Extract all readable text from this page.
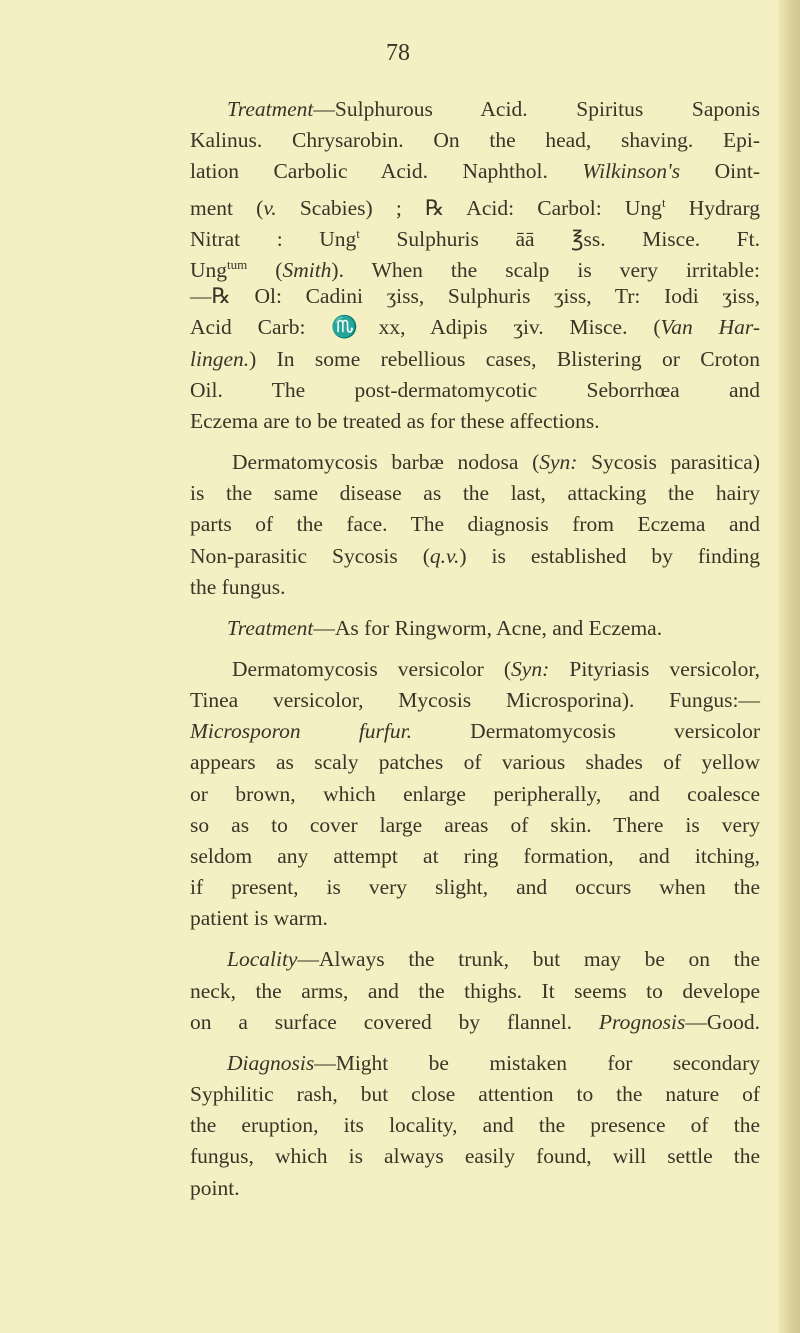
78
Treatment—Sulphurous Acid. Spiritus Saponis
Kalinus. Chrysarobin. On the head, shaving. Epi-
lation Carbolic Acid. Naphthol. Wilkinson's Oint-
ment (v. Scabies) ; ℞ Acid: Carbol: Ung$^t$ Hydrarg
Nitrat : Ung$^t$ Sulphuris āā ℥ss. Misce. Ft.
Ung$^{tum}$ (Smith). When the scalp is very irritable:
—℞ Ol: Cadini ʒiss, Sulphuris ʒiss, Tr: Iodi ʒiss,
Acid Carb: ♏xx, Adipis ʒiv. Misce. (Van Har-
lingen.) In some rebellious cases, Blistering or Croton
Oil. The post-dermatomycotic Seborrhœa and
Eczema are to be treated as for these affections.
Dermatomycosis barbæ nodosa (Syn: Sycosis parasitica)
is the same disease as the last, attacking the hairy
parts of the face. The diagnosis from Eczema and
Non-parasitic Sycosis (q.v.) is established by finding
the fungus.
Treatment—As for Ringworm, Acne, and Eczema.
Dermatomycosis versicolor (Syn: Pityriasis versicolor,
Tinea versicolor, Mycosis Microsporina). Fungus:—
Microsporon furfur. Dermatomycosis versicolor
appears as scaly patches of various shades of yellow
or brown, which enlarge peripherally, and coalesce
so as to cover large areas of skin. There is very
seldom any attempt at ring formation, and itching,
if present, is very slight, and occurs when the
patient is warm.
Locality—Always the trunk, but may be on the
neck, the arms, and the thighs. It seems to develope
on a surface covered by flannel. Prognosis—Good.
Diagnosis—Might be mistaken for secondary
Syphilitic rash, but close attention to the nature of
the eruption, its locality, and the presence of the
fungus, which is always easily found, will settle the
point.
